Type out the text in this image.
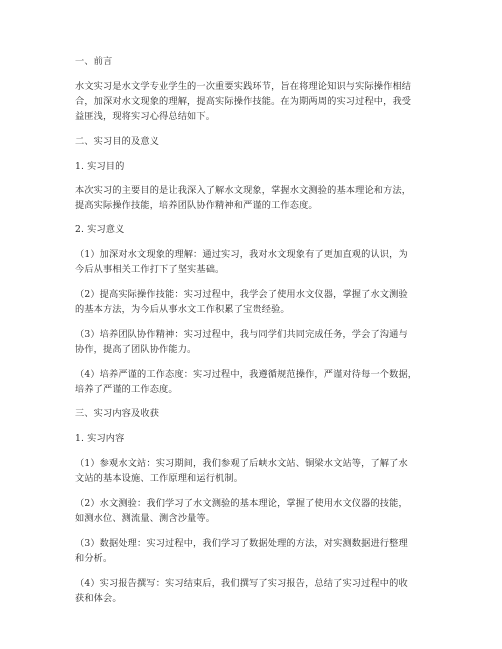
一、前言
水文实习是水文学专业学生的一次重要实践环节，旨在将理论知识与实际操作相结
合，加深对水文现象的理解，提高实际操作技能。在为期两周的实习过程中，我受
益匪浅，现将实习心得总结如下。
二、实习目的及意义
1. 实习目的
本次实习的主要目的是让我深入了解水文现象，掌握水文测验的基本理论和方法，
提高实际操作技能，培养团队协作精神和严谨的工作态度。
2. 实习意义
（1）加深对水文现象的理解：通过实习，我对水文现象有了更加直观的认识，为
今后从事相关工作打下了坚实基础。
（2）提高实际操作技能：实习过程中，我学会了使用水文仪器，掌握了水文测验
的基本方法，为今后从事水文工作积累了宝贵经验。
（3）培养团队协作精神：实习过程中，我与同学们共同完成任务，学会了沟通与
协作，提高了团队协作能力。
（4）培养严谨的工作态度：实习过程中，我遵循规范操作，严谨对待每一个数据，
培养了严谨的工作态度。
三、实习内容及收获
1. 实习内容
（1）参观水文站：实习期间，我们参观了后峡水文站、铜梁水文站等，了解了水
文站的基本设施、工作原理和运行机制。
（2）水文测验：我们学习了水文测验的基本理论，掌握了使用水文仪器的技能，
如测水位、测流量、测含沙量等。
（3）数据处理：实习过程中，我们学习了数据处理的方法，对实测数据进行整理
和分析。
（4）实习报告撰写：实习结束后，我们撰写了实习报告，总结了实习过程中的收
获和体会。
